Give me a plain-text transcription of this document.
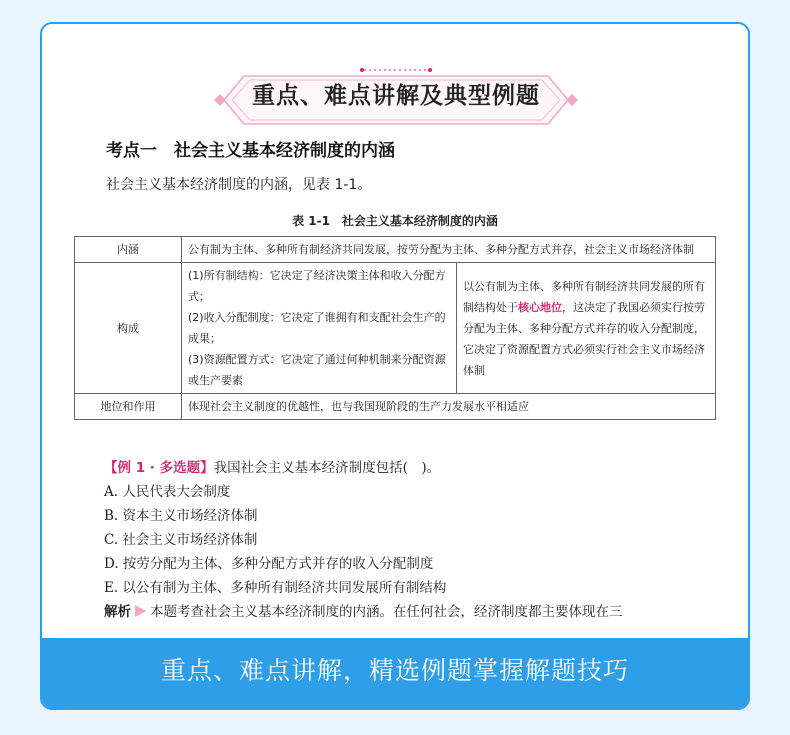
重点、难点讲解及典型例题
考点一　社会主义基本经济制度的内涵
社会主义基本经济制度的内涵，见表 1-1。
表 1-1　社会主义基本经济制度的内涵
内涵	公有制为主体、多种所有制经济共同发展，按劳分配为主体、多种分配方式并存，社会主义市场经济体制	
构成	(1)所有制结构：它决定了经济决策主体和收入分配方式；
(2)收入分配制度：它决定了谁拥有和支配社会生产的成果；
(3)资源配置方式：它决定了通过何种机制来分配资源或生产要素	以公有制为主体、多种所有制经济共同发展的所有制结构处于核心地位，这决定了我国必须实行按劳分配为主体、多种分配方式并存的收入分配制度，它决定了资源配置方式必须实行社会主义市场经济体制
地位和作用	体现社会主义制度的优越性，也与我国现阶段的生产力发展水平相适应	
【例 1 · 多选题】我国社会主义基本经济制度包括(　)。
A. 人民代表大会制度
B. 资本主义市场经济体制
C. 社会主义市场经济体制
D. 按劳分配为主体、多种分配方式并存的收入分配制度
E. 以公有制为主体、多种所有制经济共同发展所有制结构
解析 本题考查社会主义基本经济制度的内涵。在任何社会，经济制度都主要体现在三
重点、难点讲解，精选例题掌握解题技巧
